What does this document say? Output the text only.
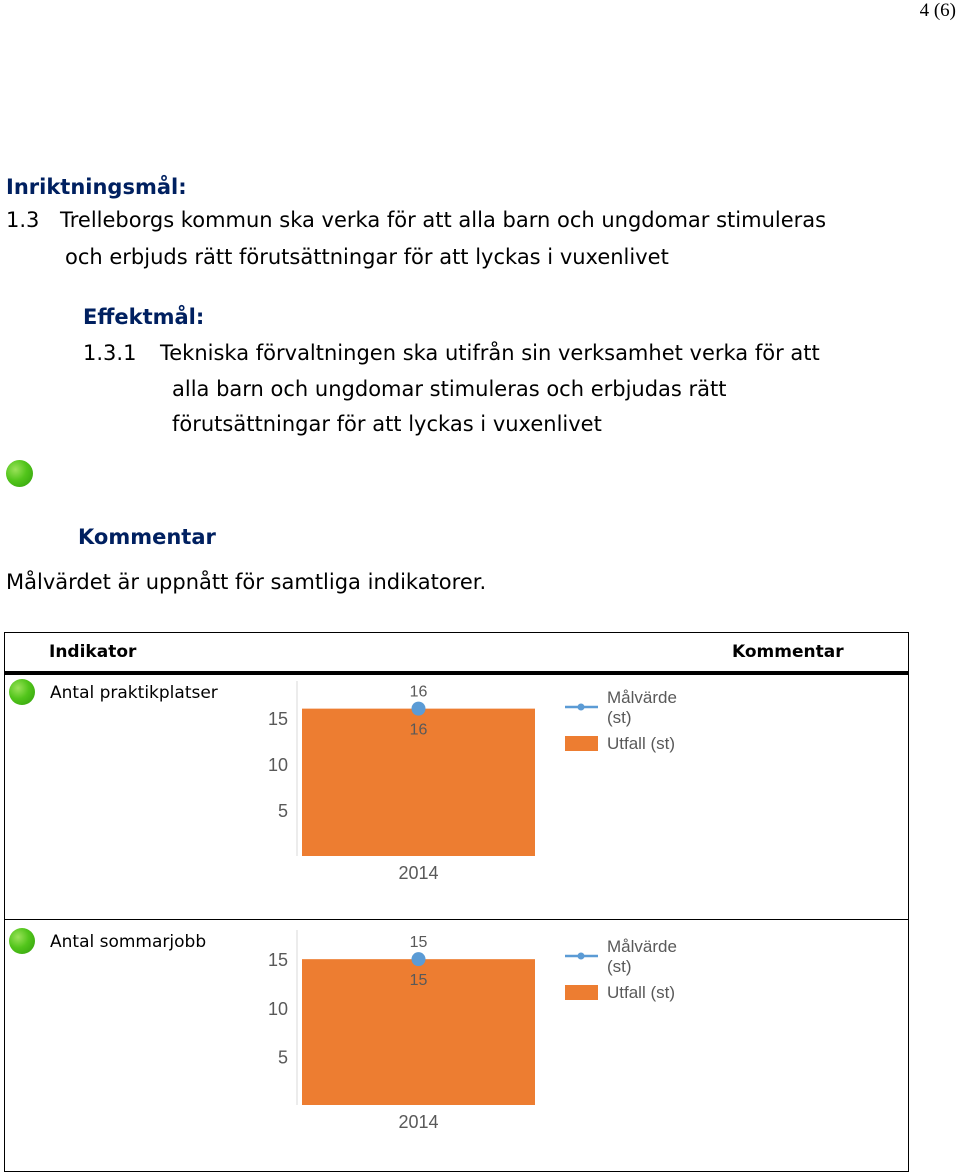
4 (6)
Inriktningsmål:
1.3 Trelleborgs kommun ska verka för att alla barn och ungdomar stimuleras
och erbjuds rätt förutsättningar för att lyckas i vuxenlivet
Effektmål:
1.3.1 Tekniska förvaltningen ska utifrån sin verksamhet verka för att
alla barn och ungdomar stimuleras och erbjudas rätt
förutsättningar för att lyckas i vuxenlivet
Kommentar
Målvärdet är uppnått för samtliga indikatorer.
Indikator	Kommentar
Antal praktikplatser
5
10
15
16
16
2014
Målvärde
(st)
Utfall (st)
Antal sommarjobb
5
10
15
15
15
2014
Målvärde
(st)
Utfall (st)
